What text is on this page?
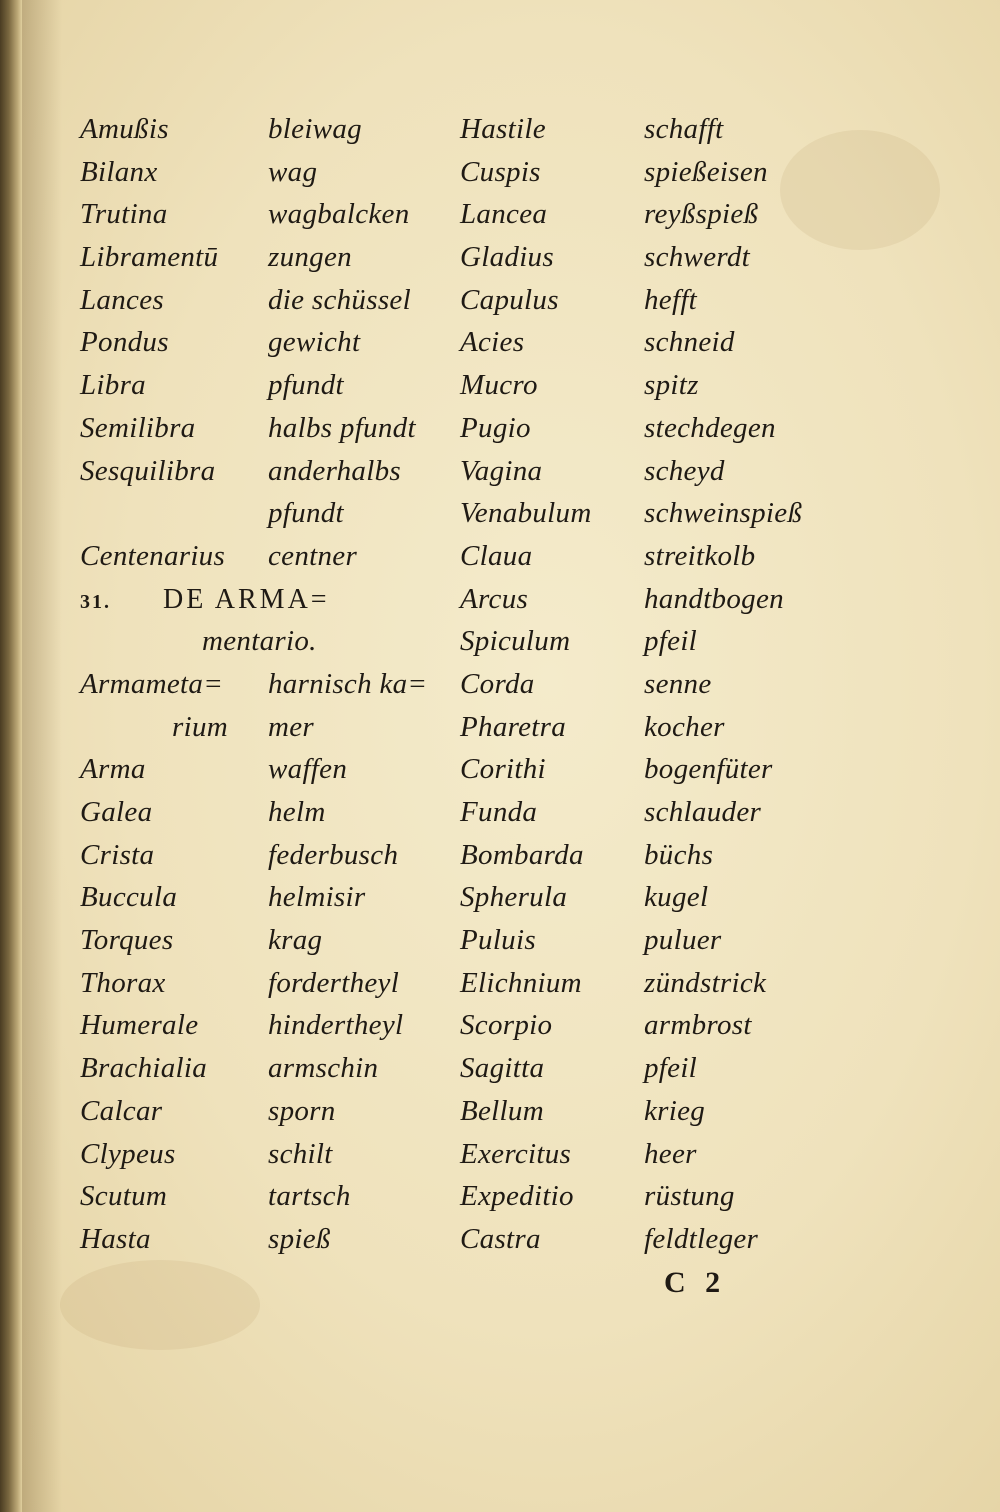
Amußis
Bilanx
Trutina
Libramentū
Lances
Pondus
Libra
Semilibra
Sesquilibra
Centenarius
31. DE ARMA=
mentario.
Armameta=
rium
Arma
Galea
Crista
Buccula
Torques
Thorax
Humerale
Brachialia
Calcar
Clypeus
Scutum
Hasta
bleiwag
wag
wagbalcken
zungen
die schüssel
gewicht
pfundt
halbs pfundt
anderhalbs
pfundt
centner
harnisch ka=
mer
waffen
helm
federbusch
helmisir
krag
fordertheyl
hindertheyl
armschin
sporn
schilt
tartsch
spieß
Hastile
Cuspis
Lancea
Gladius
Capulus
Acies
Mucro
Pugio
Vagina
Venabulum
Claua
Arcus
Spiculum
Corda
Pharetra
Corithi
Funda
Bombarda
Spherula
Puluis
Elichnium
Scorpio
Sagitta
Bellum
Exercitus
Expeditio
Castra
schafft
spießeisen
reyßspieß
schwerdt
hefft
schneid
spitz
stechdegen
scheyd
schweinspieß
streitkolb
handtbogen
pfeil
senne
kocher
bogenfüter
schlauder
büchs
kugel
puluer
zündstrick
armbrost
pfeil
krieg
heer
rüstung
feldtleger
C 2
